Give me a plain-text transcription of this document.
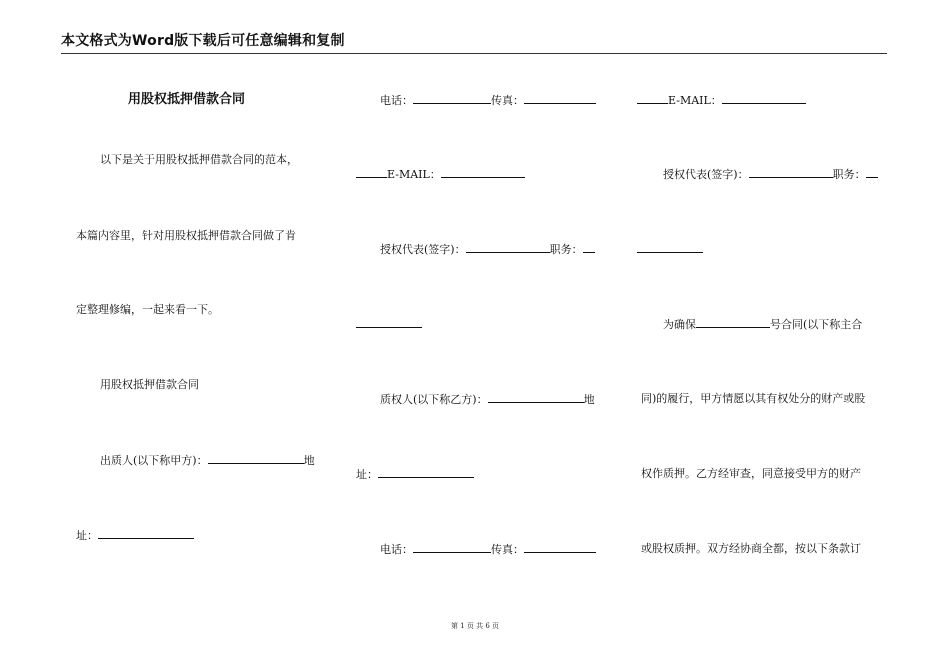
本文格式为Word版下载后可任意编辑和复制
用股权抵押借款合同
以下是关于用股权抵押借款合同的范本，
本篇内容里，针对用股权抵押借款合同做了肯
定整理修编，一起来看一下。
用股权抵押借款合同
出质人(以下称甲方)：	地
址：
电话：	传真：
E-MAIL：
授权代表(签字)：	职务：
质权人(以下称乙方)：	地
址：
电话：	传真：
E-MAIL：
授权代表(签字)：	职务：
为确保	号合同(以下称主合
同)的履行，甲方情愿以其有权处分的财产或股
权作质押。乙方经审查，同意接受甲方的财产
或股权质押。双方经协商全都，按以下条款订
第 1 页 共 6 页
